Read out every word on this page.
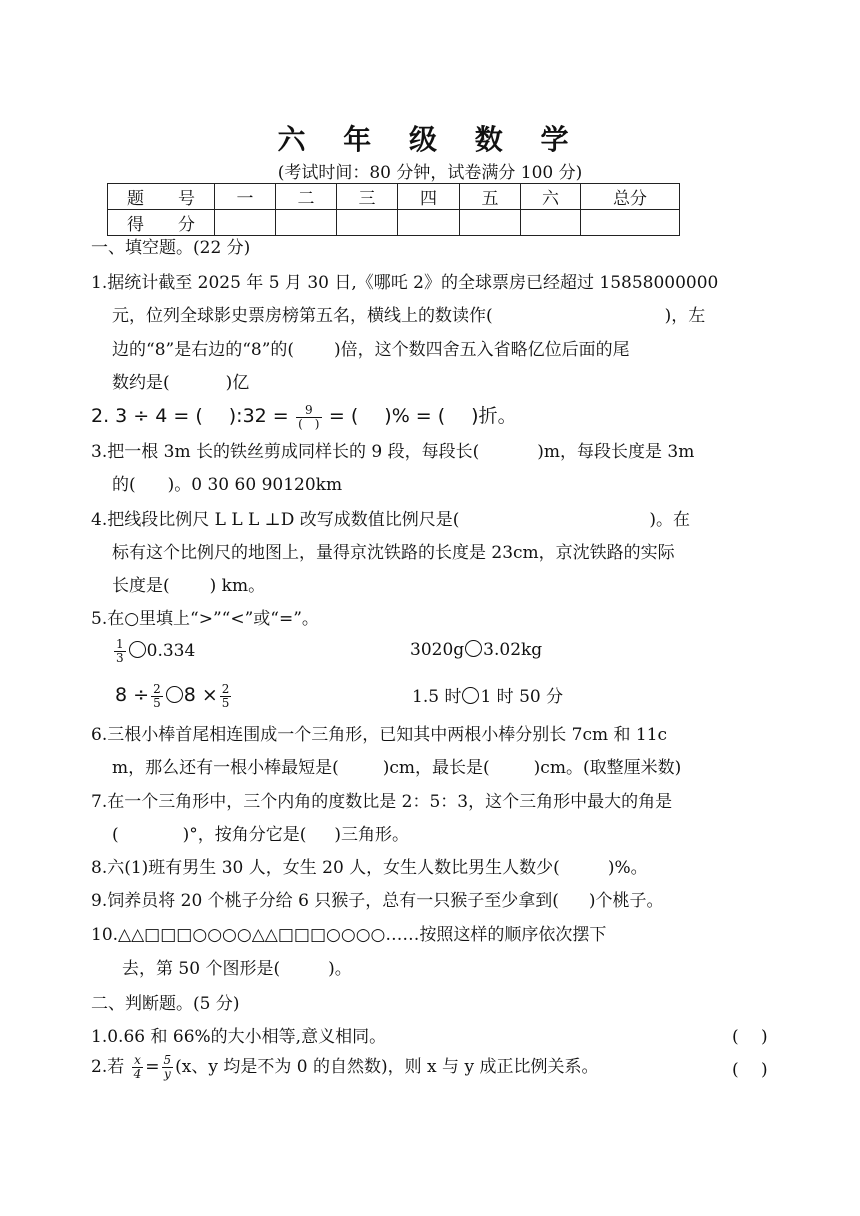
六 年 级 数 学
(考试时间：80 分钟，试卷满分 100 分)
题　　号	一	二	三	四	五	六	总分
得　　分							
一、填空题。(22 分)
1.据统计截至 2025 年 5 月 30 日,《哪吒 2》的全球票房已经超过 15858000000
元，位列全球影史票房榜第五名，横线上的数读作(	)，左
边的“8”是右边的“8”的( )倍，这个数四舍五入省略亿位后面的尾
数约是(	)亿
2. 3 ÷ 4 = ( ):32 = $\frac{9}{( )}$ = ( )% = ( )折。
3.把一根 3m 长的铁丝剪成同样长的 9 段，每段长(	)m，每段长度是 3m
的( )。0 30 60 90120km
4.把线段比例尺 L L L ⊥D 改写成数值比例尺是(	)。在
标有这个比例尺的地图上，量得京沈铁路的长度是 23cm，京沈铁路的实际
长度是( ) km。
5.在○里填上“>”“<”或“=”。
$\frac{1}{3} 0.334$	3020g 3.02kg
$8 \div \frac{2}{5} 8 \times \frac{2}{5}$	1.5 时 1 时 50 分
6.三根小棒首尾相连围成一个三角形，已知其中两根小棒分别长 7cm 和 11c
m，那么还有一根小棒最短是(	)cm，最长是(	)cm。(取整厘米数)
7.在一个三角形中，三个内角的度数比是 2：5：3，这个三角形中最大的角是
(	)°，按角分它是( )三角形。
8.六(1)班有男生 30 人，女生 20 人，女生人数比男生人数少(	)%。
9.饲养员将 20 个桃子分给 6 只猴子，总有一只猴子至少拿到( )个桃子。
10.△△□□□○○○○△△□□□○○○○……按照这样的顺序依次摆下
去，第 50 个图形是(	)。
二、判断题。(5 分)
1.0.66 和 66%的大小相等,意义相同。	(　 )
2.若 $\frac{x}{4} = \frac{5}{y} (x$、y 均是不为 0 的自然数)，则 x 与 y 成正比例关系。	(　 )
